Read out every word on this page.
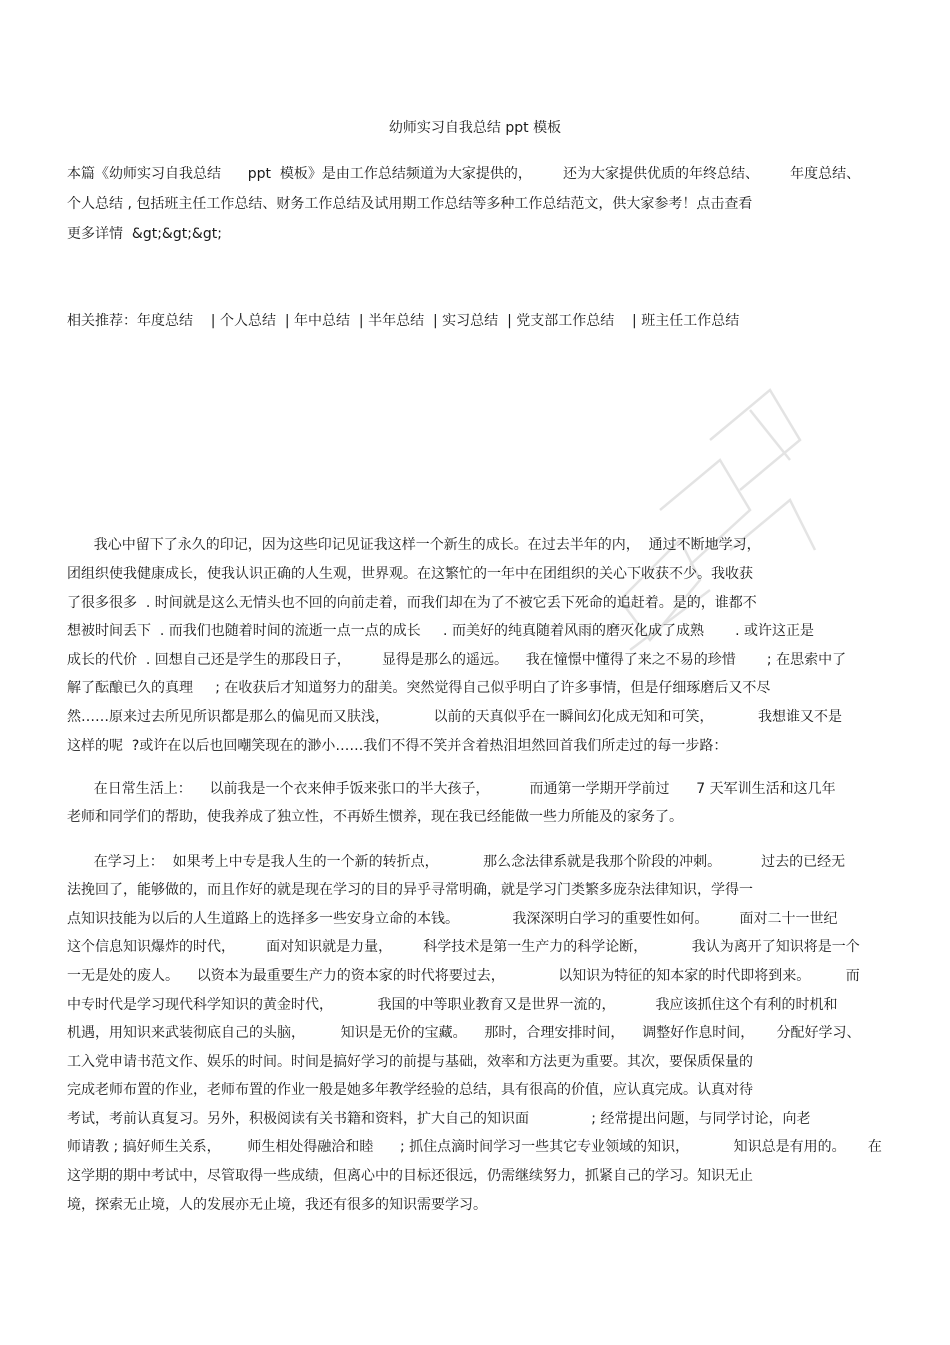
幼师实习自我总结 ppt 模板
本篇《幼师实习自我总结      ppt  模板》是由工作总结频道为大家提供的，       还为大家提供优质的年终总结、       年度总结、
个人总结 , 包括班主任工作总结、财务工作总结及试用期工作总结等多种工作总结范文，供大家参考！点击查看
更多详情  &gt;&gt;&gt;
相关推荐：年度总结    | 个人总结  | 年中总结  | 半年总结  | 实习总结  | 党支部工作总结    | 班主任工作总结
我心中留下了永久的印记，因为这些印记见证我这样一个新生的成长。在过去半年的内，  通过不断地学习，
团组织使我健康成长，使我认识正确的人生观，世界观。在这繁忙的一年中在团组织的关心下收获不少。我收获
了很多很多  . 时间就是这么无情头也不回的向前走着，而我们却在为了不被它丢下死命的追赶着。是的，谁都不
想被时间丢下  . 而我们也随着时间的流逝一点一点的成长     . 而美好的纯真随着风雨的磨灭化成了成熟       . 或许这正是
成长的代价  . 回想自己还是学生的那段日子，       显得是那么的遥远。    我在憧憬中懂得了来之不易的珍惜       ; 在思索中了
解了酝酿已久的真理     ; 在收获后才知道努力的甜美。突然觉得自己似乎明白了许多事情，但是仔细琢磨后又不尽
然……原来过去所见所识都是那么的偏见而又肤浅，          以前的天真似乎在一瞬间幻化成无知和可笑，          我想谁又不是
这样的呢  ?或许在以后也回嘲笑现在的渺小……我们不得不笑并含着热泪坦然回首我们所走过的每一步路：
在日常生活上：    以前我是一个衣来伸手饭来张口的半大孩子，         而通第一学期开学前过      7 天军训生活和这几年
老师和同学们的帮助，使我养成了独立性，不再娇生惯养，现在我已经能做一些力所能及的家务了。
在学习上：  如果考上中专是我人生的一个新的转折点，          那么念法律系就是我那个阶段的冲刺。         过去的已经无
法挽回了，能够做的，而且作好的就是现在学习的目的异乎寻常明确，就是学习门类繁多庞杂法律知识，学得一
点知识技能为以后的人生道路上的选择多一些安身立命的本钱。            我深深明白学习的重要性如何。       面对二十一世纪
这个信息知识爆炸的时代，       面对知识就是力量，       科学技术是第一生产力的科学论断，          我认为离开了知识将是一个
一无是处的废人。    以资本为最重要生产力的资本家的时代将要过去，            以知识为特征的知本家的时代即将到来。        而
中专时代是学习现代科学知识的黄金时代，          我国的中等职业教育又是世界一流的，         我应该抓住这个有利的时机和
机遇，用知识来武装彻底自己的头脑，        知识是无价的宝藏。    那时，合理安排时间，    调整好作息时间，     分配好学习、
工入党申请书范文作、娱乐的时间。时间是搞好学习的前提与基础，效率和方法更为重要。其次，要保质保量的
完成老师布置的作业，老师布置的作业一般是她多年教学经验的总结，具有很高的价值，应认真完成。认真对待
考试，考前认真复习。另外，积极阅读有关书籍和资料，扩大自己的知识面              ; 经常提出问题，与同学讨论，向老
师请教 ; 搞好师生关系，      师生相处得融洽和睦      ; 抓住点滴时间学习一些其它专业领域的知识，          知识总是有用的。     在
这学期的期中考试中，尽管取得一些成绩，但离心中的目标还很远，仍需继续努力，抓紧自己的学习。知识无止
境，探索无止境，人的发展亦无止境，我还有很多的知识需要学习。
